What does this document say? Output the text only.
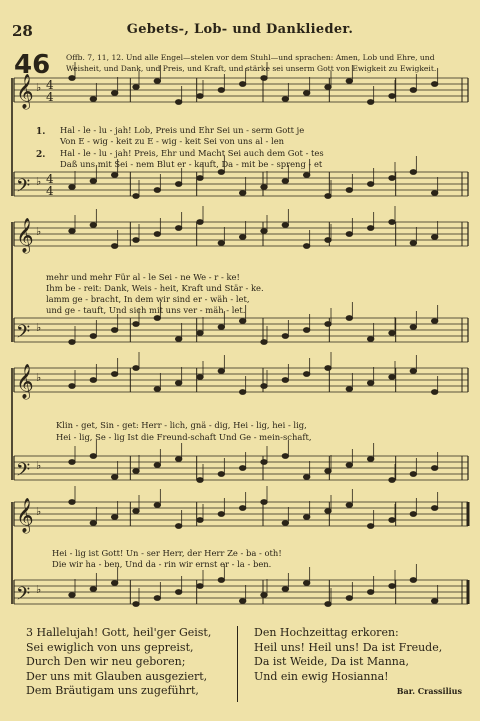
28	Gebets-, Lob- und Danklieder.
46 Offb. 7, 11, 12. Und alle Engel—stelen vor dem Stuhl—und sprachen: Amen, Lob und Ehre, und
Weisheit, und Dank, und Preis, und Kraft, und stärke sei unserm Gott von Ewigkeit zu Ewigkeit.
𝄞 ♭ 4
4
𝄢 ♭ 4
4
𝄞 ♭
𝄢 ♭
𝄞 ♭
𝄢 ♭
𝄞 ♭
𝄢 ♭
1.
2.
Hal - le - lu - jah! Lob, Preis und Ehr Sei un - serm Gott je
Von E - wig - keit zu E - wig - keit Sei von uns al - len
Hal - le - lu - jah! Preis, Ehr und Macht Sei auch dem Got - tes
Daß uns mit Sei - nem Blut er - kauft, Da - mit be - spreng - et
mehr und mehr Für al - le Sei - ne We - r - ke!
Ihm be - reit: Dank, Weis - heit, Kraft und Stär - ke.
lamm ge - bracht, In dem wir sind er - wäh - let,
und ge - tauft, Und sich mit uns ver - mäh - let.
Klin - get, Sin - get: Herr - lich, gnä - dig, Hei - lig, hei - lig,
Hei - lig, Se - lig Ist die Freund-schaft Und Ge - mein-schaft,
Hei - lig ist Gott! Un - ser Herr, der Herr Ze - ba - oth!
Die wir ha - ben, Und da - rin wir ernst er - la - ben.
3 Hallelujah! Gott, heil'ger Geist,
Sei ewiglich von uns gepreist,
Durch Den wir neu geboren;
Der uns mit Glauben ausgeziert,
Dem Bräutigam uns zugeführt,
Den Hochzeittag erkoren:
Heil uns! Heil uns! Da ist Freude,
Da ist Weide, Da ist Manna,
Und ein ewig Hosianna!
Bar. Crassilius
